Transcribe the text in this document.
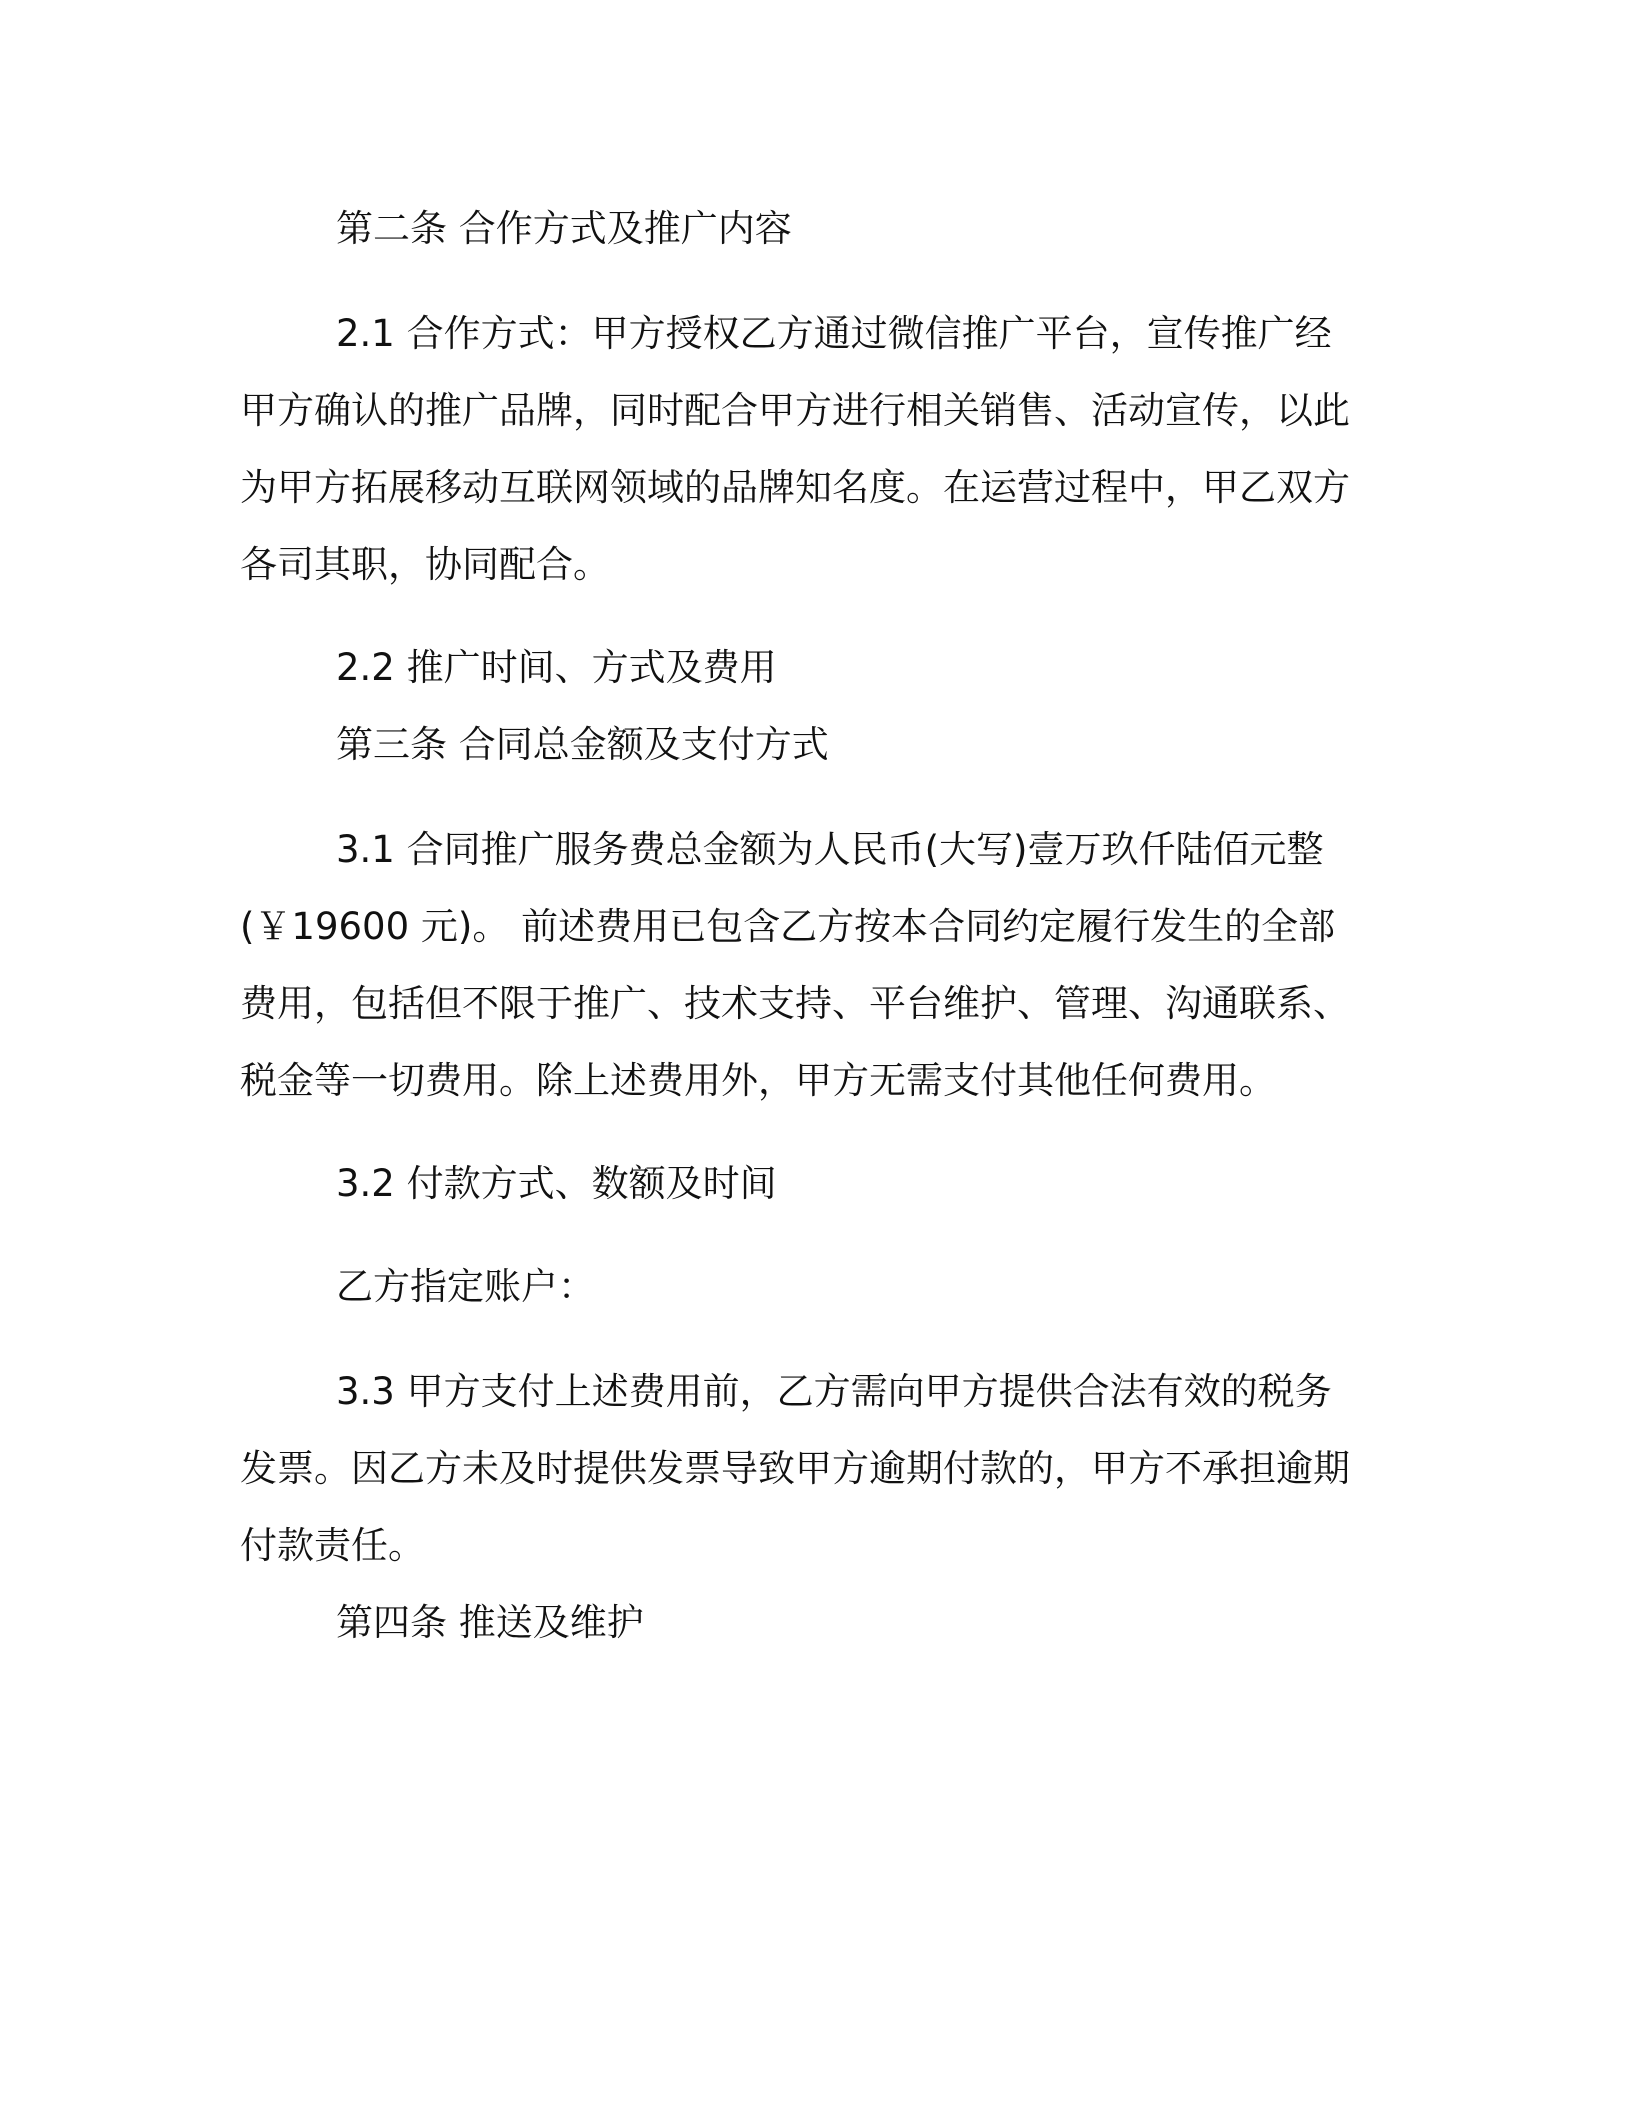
第二条 合作方式及推广内容

2.1 合作方式：甲方授权乙方通过微信推广平台，宣传推广经甲方确认的推广品牌，同时配合甲方进行相关销售、活动宣传，以此为甲方拓展移动互联网领域的品牌知名度。在运营过程中，甲乙双方各司其职，协同配合。

2.2 推广时间、方式及费用

第三条 合同总金额及支付方式

3.1 合同推广服务费总金额为人民币(大写)壹万玖仟陆佰元整(￥19600 元)。 前述费用已包含乙方按本合同约定履行发生的全部费用，包括但不限于推广、技术支持、平台维护、管理、沟通联系、税金等一切费用。除上述费用外，甲方无需支付其他任何费用。

3.2 付款方式、数额及时间

乙方指定账户：

3.3 甲方支付上述费用前，乙方需向甲方提供合法有效的税务发票。因乙方未及时提供发票导致甲方逾期付款的，甲方不承担逾期付款责任。

第四条 推送及维护
